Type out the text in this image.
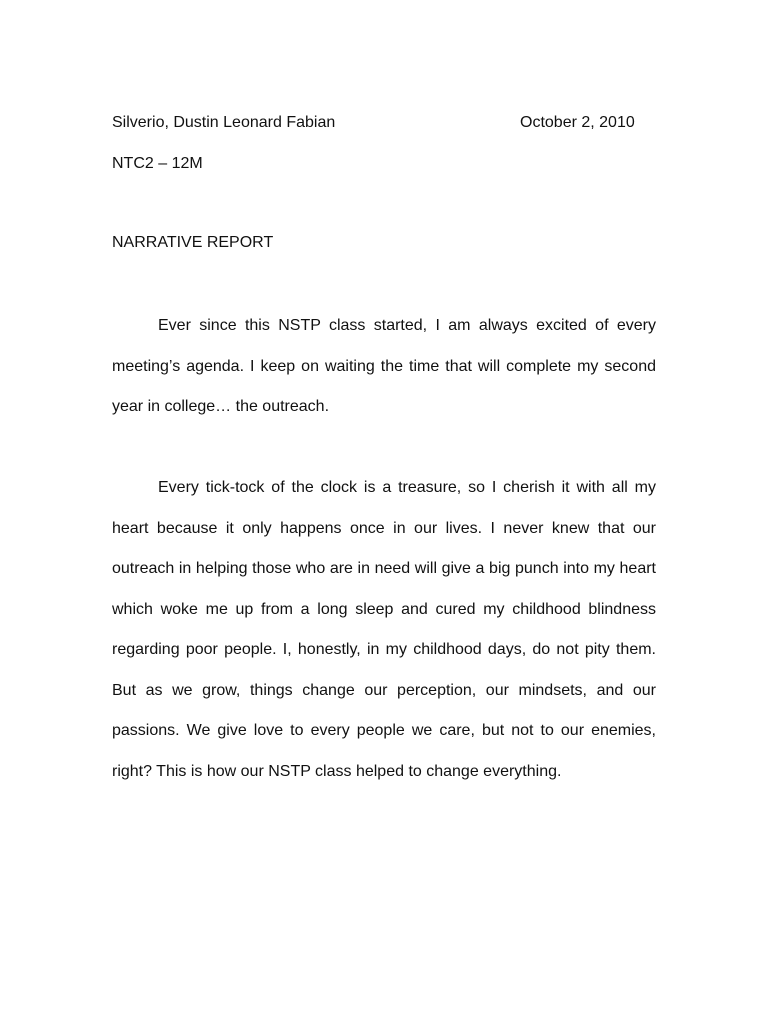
Silverio, Dustin Leonard Fabian	October 2, 2010
NTC2 – 12M
NARRATIVE REPORT

Ever since this NSTP class started, I am always excited of every meeting’s agenda. I keep on waiting the time that will complete my second year in college… the outreach.

Every tick-tock of the clock is a treasure, so I cherish it with all my heart because it only happens once in our lives. I never knew that our outreach in helping those who are in need will give a big punch into my heart which woke me up from a long sleep and cured my childhood blindness regarding poor people. I, honestly, in my childhood days, do not pity them. But as we grow, things change our perception, our mindsets, and our passions. We give love to every people we care, but not to our enemies, right? This is how our NSTP class helped to change everything.
